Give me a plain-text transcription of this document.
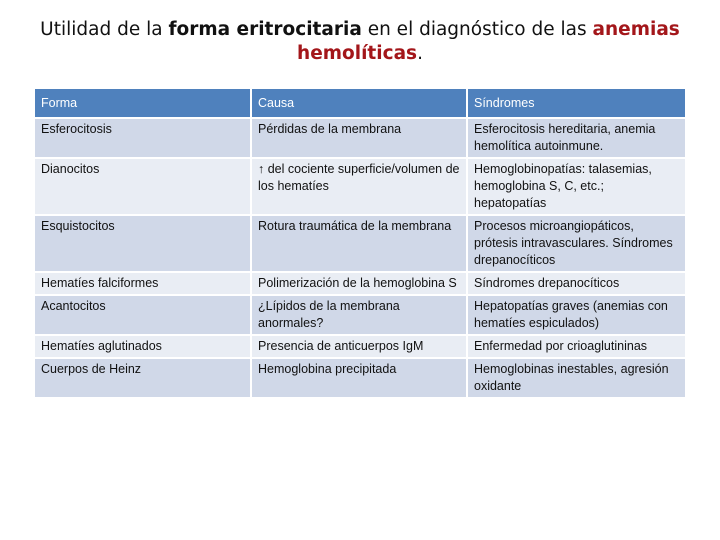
Utilidad de la forma eritrocitaria en el diagnóstico de las anemias hemolíticas.
Forma	Causa	Síndromes
Esferocitosis	Pérdidas de la membrana	Esferocitosis hereditaria, anemia hemolítica autoinmune.
Dianocitos	↑ del cociente superficie/volumen de los hematíes	Hemoglobinopatías: talasemias, hemoglobina S, C, etc.; hepatopatías
Esquistocitos	Rotura traumática de la membrana	Procesos microangiopáticos, prótesis intravasculares. Síndromes drepanocíticos
Hematíes falciformes	Polimerización de la hemoglobina S	Síndromes drepanocíticos
Acantocitos	¿Lípidos de la membrana anormales?	Hepatopatías graves (anemias con hematíes espiculados)
Hematíes aglutinados	Presencia de anticuerpos IgM	Enfermedad por crioaglutininas
Cuerpos de Heinz	Hemoglobina precipitada	Hemoglobinas inestables, agresión oxidante
